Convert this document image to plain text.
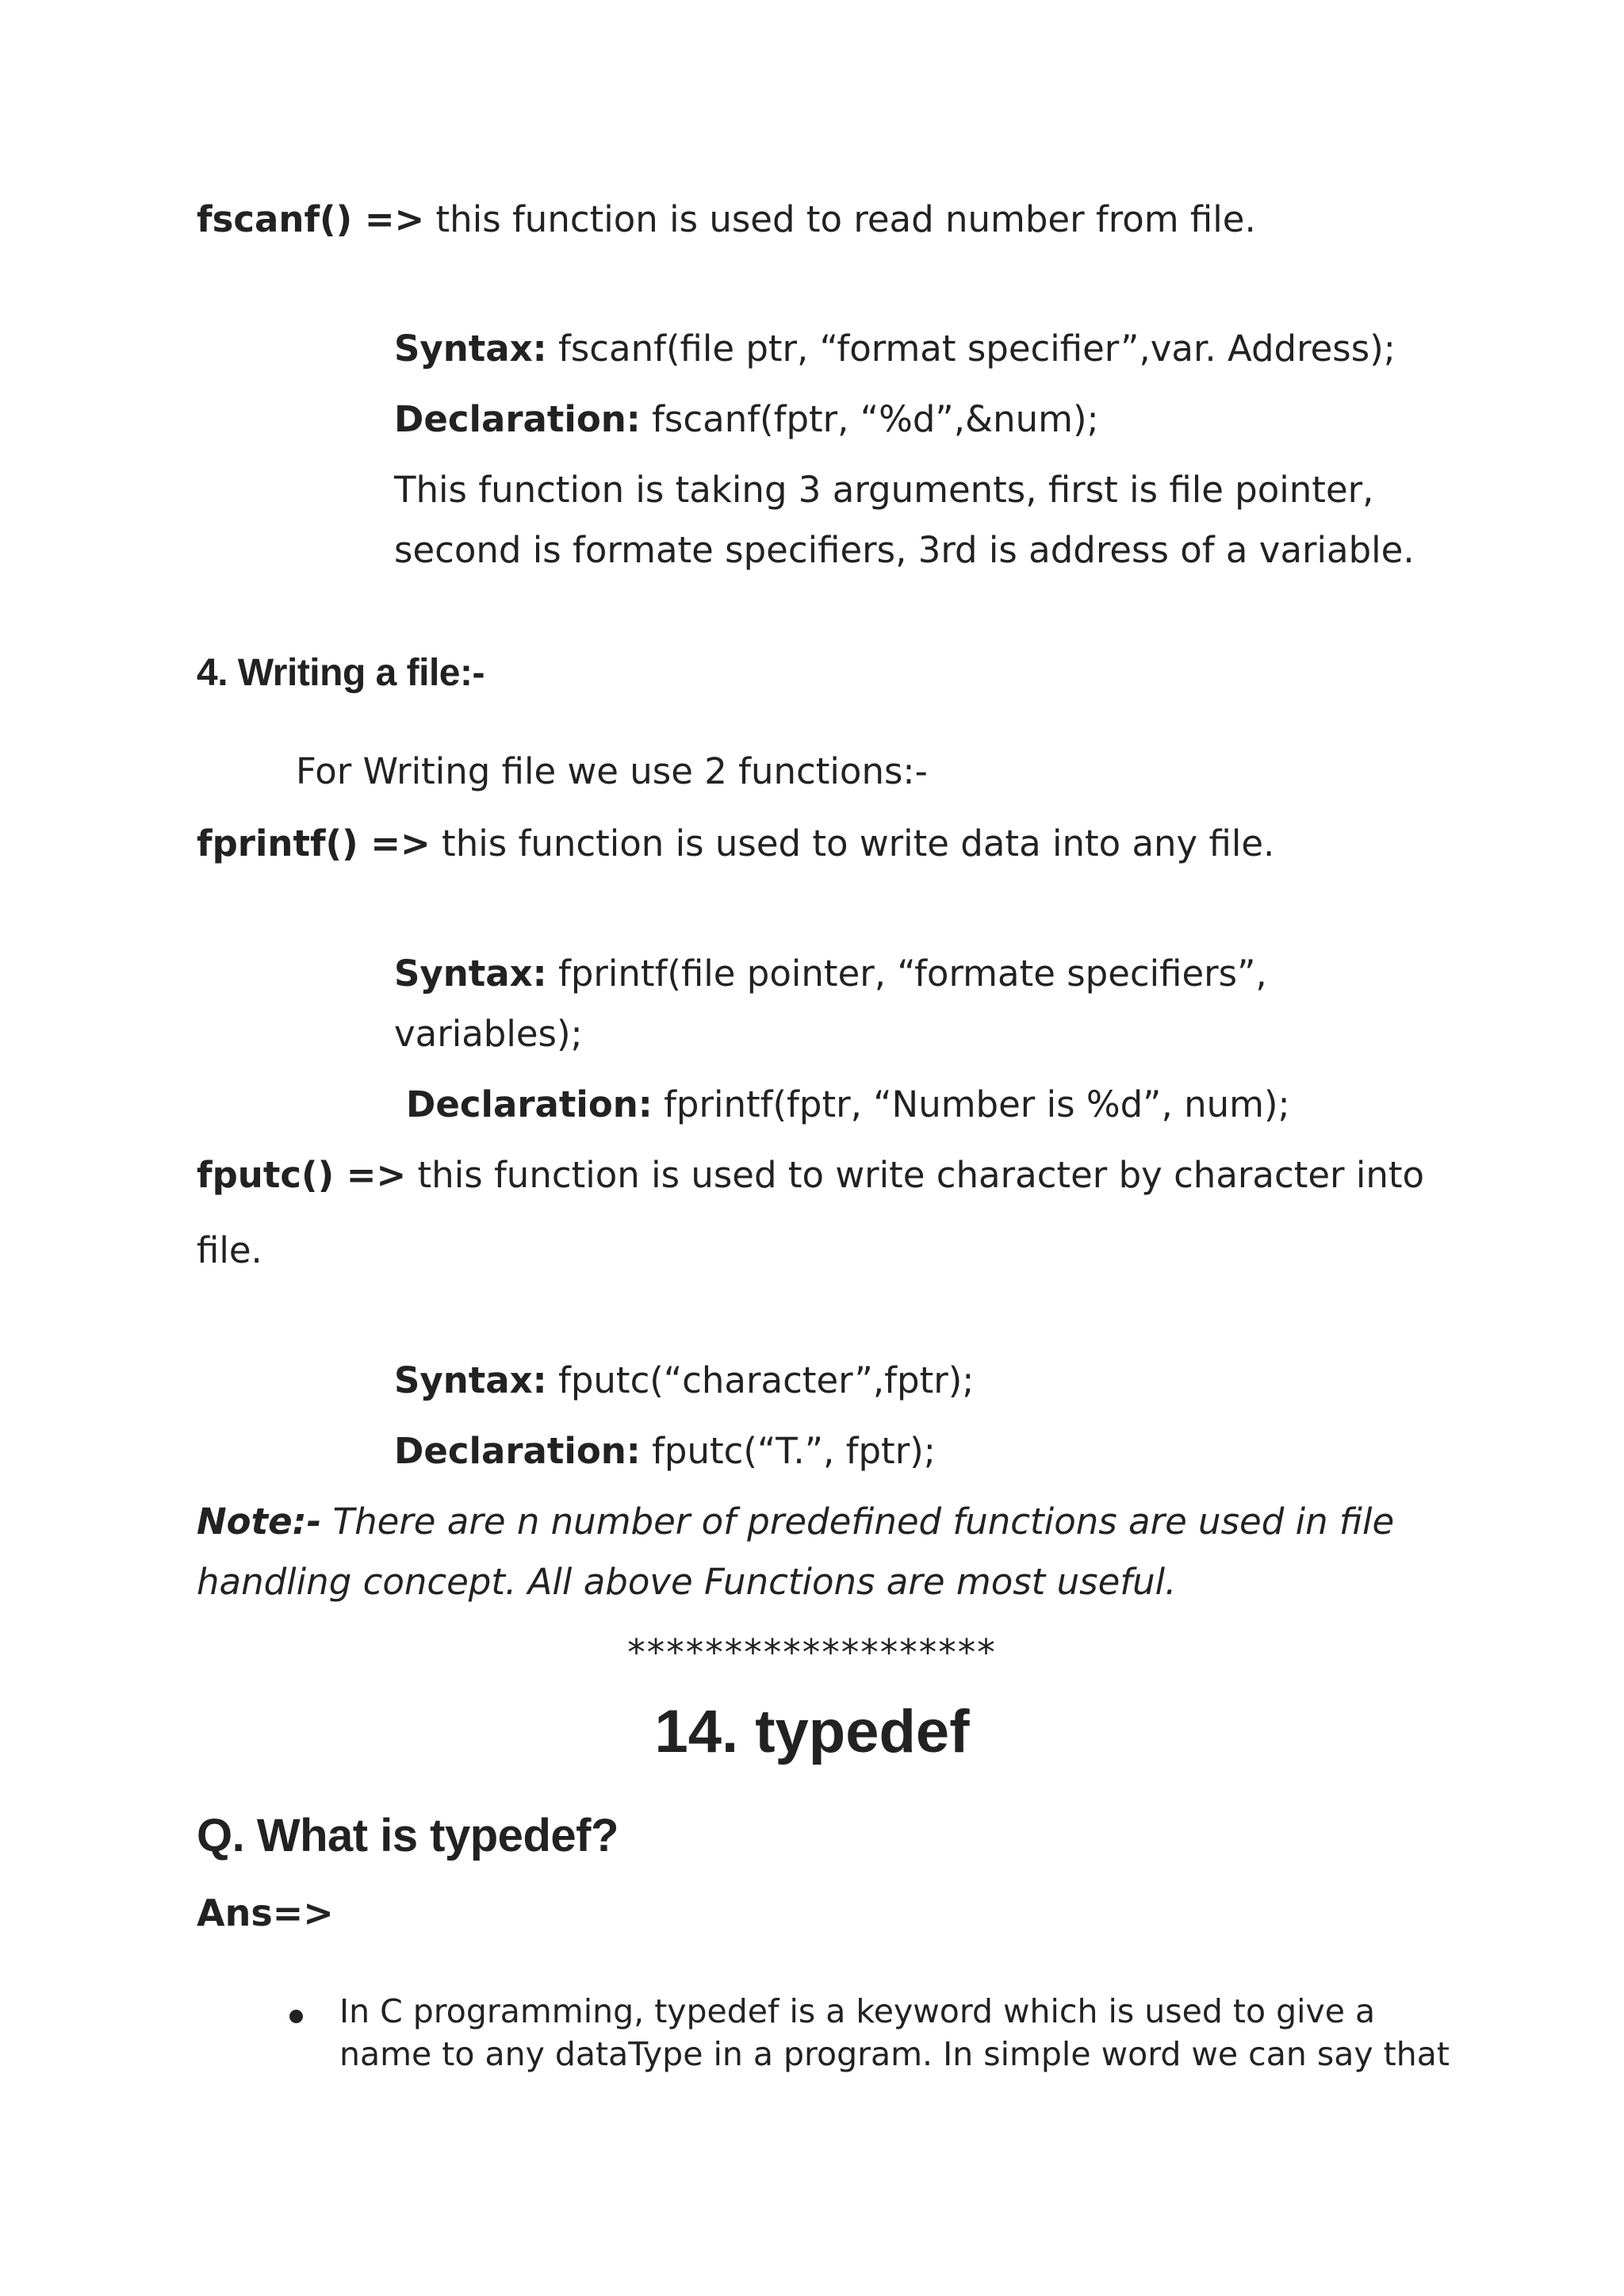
fscanf() => this function is used to read number from file.
Syntax: fscanf(file ptr, “format specifier”,var. Address);
Declaration: fscanf(fptr, “%d”,&num);
This function is taking 3 arguments, first is file pointer,
second is formate specifiers, 3rd is address of a variable.
4. Writing a file:-
For Writing file we use 2 functions:-
fprintf() => this function is used to write data into any file.
Syntax: fprintf(file pointer, “formate specifiers”,
variables);
Declaration: fprintf(fptr, “Number is %d”, num);
fputc() => this function is used to write character by character into
file.
Syntax: fputc(“character”,fptr);
Declaration: fputc(“T.”, fptr);
Note:- There are n number of predefined functions are used in file
handling concept. All above Functions are most useful.
*******************
14. typedef
Q. What is typedef?
Ans=>
In C programming, typedef is a keyword which is used to give a
name to any dataType in a program. In simple word we can say that
